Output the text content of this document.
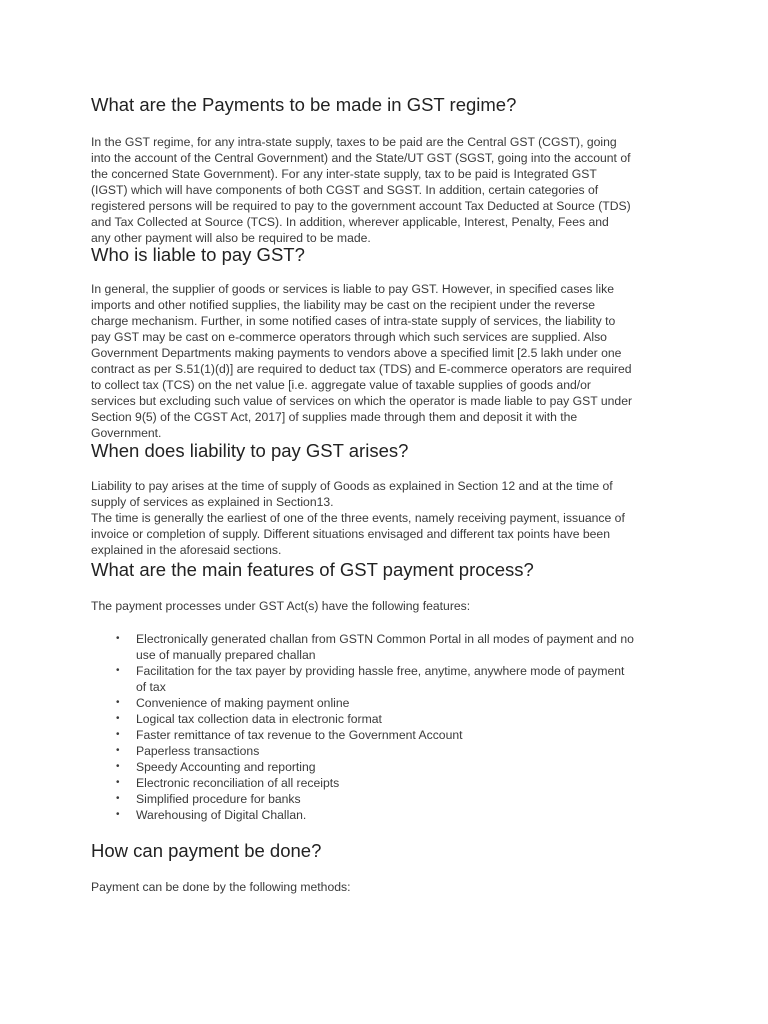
What are the Payments to be made in GST regime?

In the GST regime, for any intra-state supply, taxes to be paid are the Central GST (CGST), going
into the account of the Central Government) and the State/UT GST (SGST, going into the account of
the concerned State Government). For any inter-state supply, tax to be paid is Integrated GST
(IGST) which will have components of both CGST and SGST. In addition, certain categories of
registered persons will be required to pay to the government account Tax Deducted at Source (TDS)
and Tax Collected at Source (TCS). In addition, wherever applicable, Interest, Penalty, Fees and
any other payment will also be required to be made.

Who is liable to pay GST?

In general, the supplier of goods or services is liable to pay GST. However, in specified cases like
imports and other notified supplies, the liability may be cast on the recipient under the reverse
charge mechanism. Further, in some notified cases of intra-state supply of services, the liability to
pay GST may be cast on e-commerce operators through which such services are supplied. Also
Government Departments making payments to vendors above a specified limit [2.5 lakh under one
contract as per S.51(1)(d)] are required to deduct tax (TDS) and E-commerce operators are required
to collect tax (TCS) on the net value [i.e. aggregate value of taxable supplies of goods and/or
services but excluding such value of services on which the operator is made liable to pay GST under
Section 9(5) of the CGST Act, 2017] of supplies made through them and deposit it with the
Government.

When does liability to pay GST arises?

Liability to pay arises at the time of supply of Goods as explained in Section 12 and at the time of
supply of services as explained in Section13.
The time is generally the earliest of one of the three events, namely receiving payment, issuance of
invoice or completion of supply. Different situations envisaged and different tax points have been
explained in the aforesaid sections.

What are the main features of GST payment process?

The payment processes under GST Act(s) have the following features:

• Electronically generated challan from GSTN Common Portal in all modes of payment and no
use of manually prepared challan
• Facilitation for the tax payer by providing hassle free, anytime, anywhere mode of payment
of tax
• Convenience of making payment online
• Logical tax collection data in electronic format
• Faster remittance of tax revenue to the Government Account
• Paperless transactions
• Speedy Accounting and reporting
• Electronic reconciliation of all receipts
• Simplified procedure for banks
• Warehousing of Digital Challan.
How can payment be done?

Payment can be done by the following methods:
